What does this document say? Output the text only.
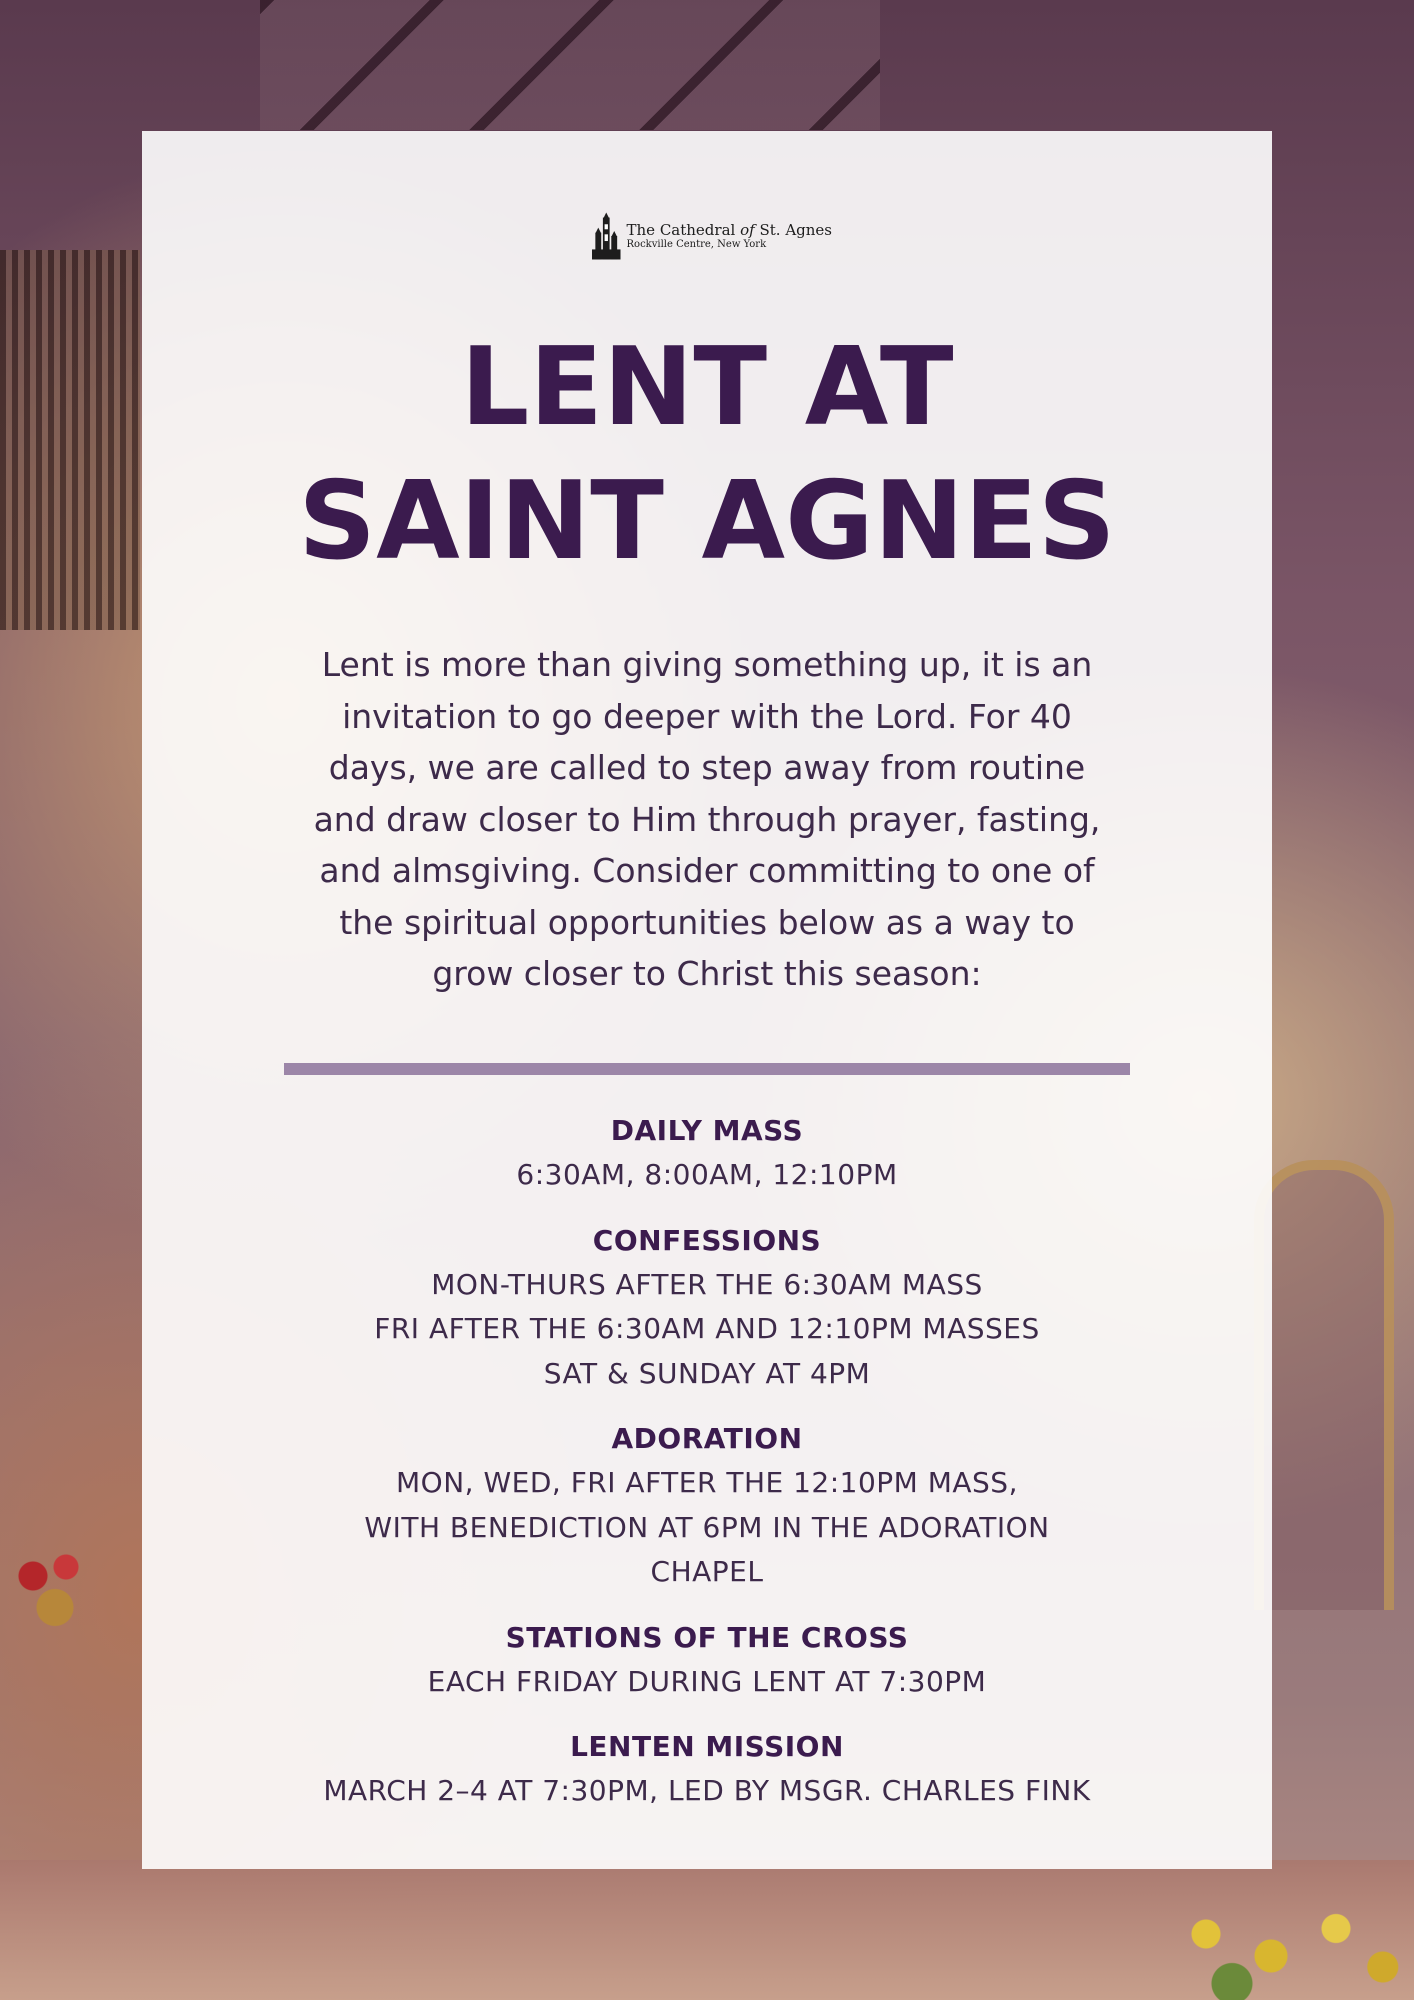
The Cathedral of St. Agnes
Rockville Centre, New York
LENT AT
SAINT AGNES
Lent is more than giving something up, it is an
invitation to go deeper with the Lord. For 40
days, we are called to step away from routine
and draw closer to Him through prayer, fasting,
and almsgiving. Consider committing to one of
the spiritual opportunities below as a way to
grow closer to Christ this season:
DAILY MASS
6:30AM, 8:00AM, 12:10PM
CONFESSIONS
MON-THURS AFTER THE 6:30AM MASS
FRI AFTER THE 6:30AM AND 12:10PM MASSES
SAT & SUNDAY AT 4PM
ADORATION
MON, WED, FRI AFTER THE 12:10PM MASS,
WITH BENEDICTION AT 6PM IN THE ADORATION
CHAPEL
STATIONS OF THE CROSS
EACH FRIDAY DURING LENT AT 7:30PM
LENTEN MISSION
MARCH 2–4 AT 7:30PM, LED BY MSGR. CHARLES FINK
